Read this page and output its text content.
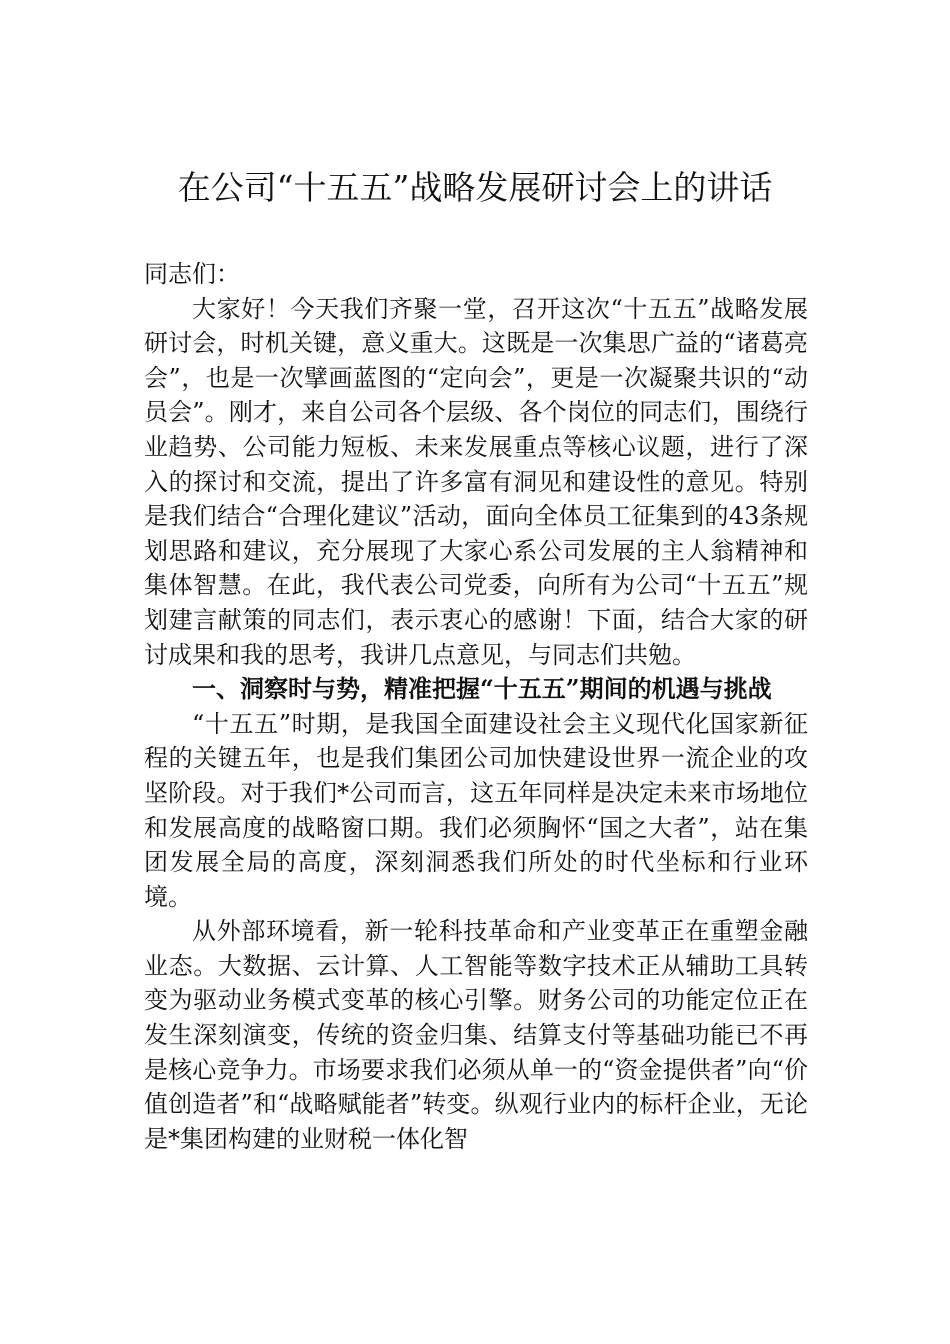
在公司“十五五”战略发展研讨会上的讲话

同志们：

大家好！今天我们齐聚一堂，召开这次“十五五”战略发展研讨会，时机关键，意义重大。这既是一次集思广益的“诸葛亮会”，也是一次擘画蓝图的“定向会”，更是一次凝聚共识的“动员会”。刚才，来自公司各个层级、各个岗位的同志们，围绕行业趋势、公司能力短板、未来发展重点等核心议题，进行了深入的探讨和交流，提出了许多富有洞见和建设性的意见。特别是我们结合“合理化建议”活动，面向全体员工征集到的43条规划思路和建议，充分展现了大家心系公司发展的主人翁精神和集体智慧。在此，我代表公司党委，向所有为公司“十五五”规划建言献策的同志们，表示衷心的感谢！下面，结合大家的研讨成果和我的思考，我讲几点意见，与同志们共勉。

一、洞察时与势，精准把握“十五五”期间的机遇与挑战

“十五五”时期，是我国全面建设社会主义现代化国家新征程的关键五年，也是我们集团公司加快建设世界一流企业的攻坚阶段。对于我们*公司而言，这五年同样是决定未来市场地位和发展高度的战略窗口期。我们必须胸怀“国之大者”，站在集团发展全局的高度，深刻洞悉我们所处的时代坐标和行业环境。

从外部环境看，新一轮科技革命和产业变革正在重塑金融业态。大数据、云计算、人工智能等数字技术正从辅助工具转变为驱动业务模式变革的核心引擎。财务公司的功能定位正在发生深刻演变，传统的资金归集、结算支付等基础功能已不再是核心竞争力。市场要求我们必须从单一的“资金提供者”向“价值创造者”和“战略赋能者”转变。纵观行业内的标杆企业，无论是*集团构建的业财税一体化智
